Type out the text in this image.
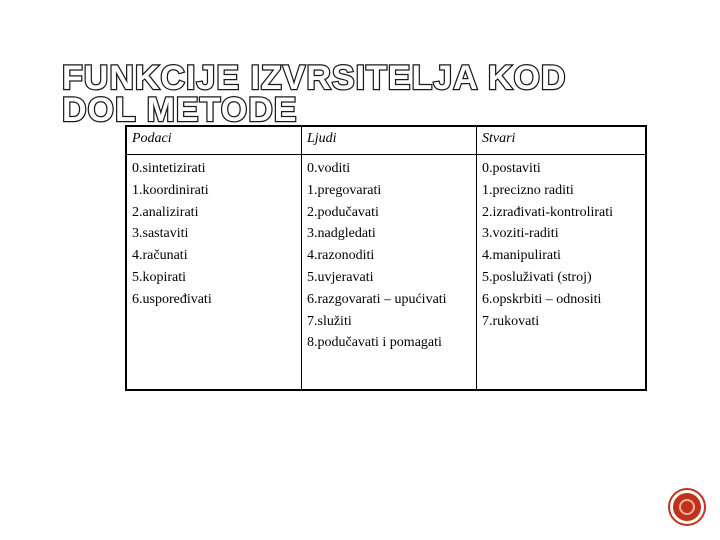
FUNKCIJE IZVRSITELJA KOD DOL METODE
Podaci	Ljudi	Stvari
0.sintetizirati
1.koordinirati
2.analizirati
3.sastaviti
4.računati
5.kopirati
6.uspoređivati
0.voditi
1.pregovarati
2.podučavati
3.nadgledati
4.razonoditi
5.uvjeravati
6.razgovarati – upućivati
7.služiti
8.podučavati i pomagati
0.postaviti
1.precizno raditi
2.izrađivati-kontrolirati
3.voziti-raditi
4.manipulirati
5.posluživati (stroj)
6.opskrbiti – odnositi
7.rukovati
